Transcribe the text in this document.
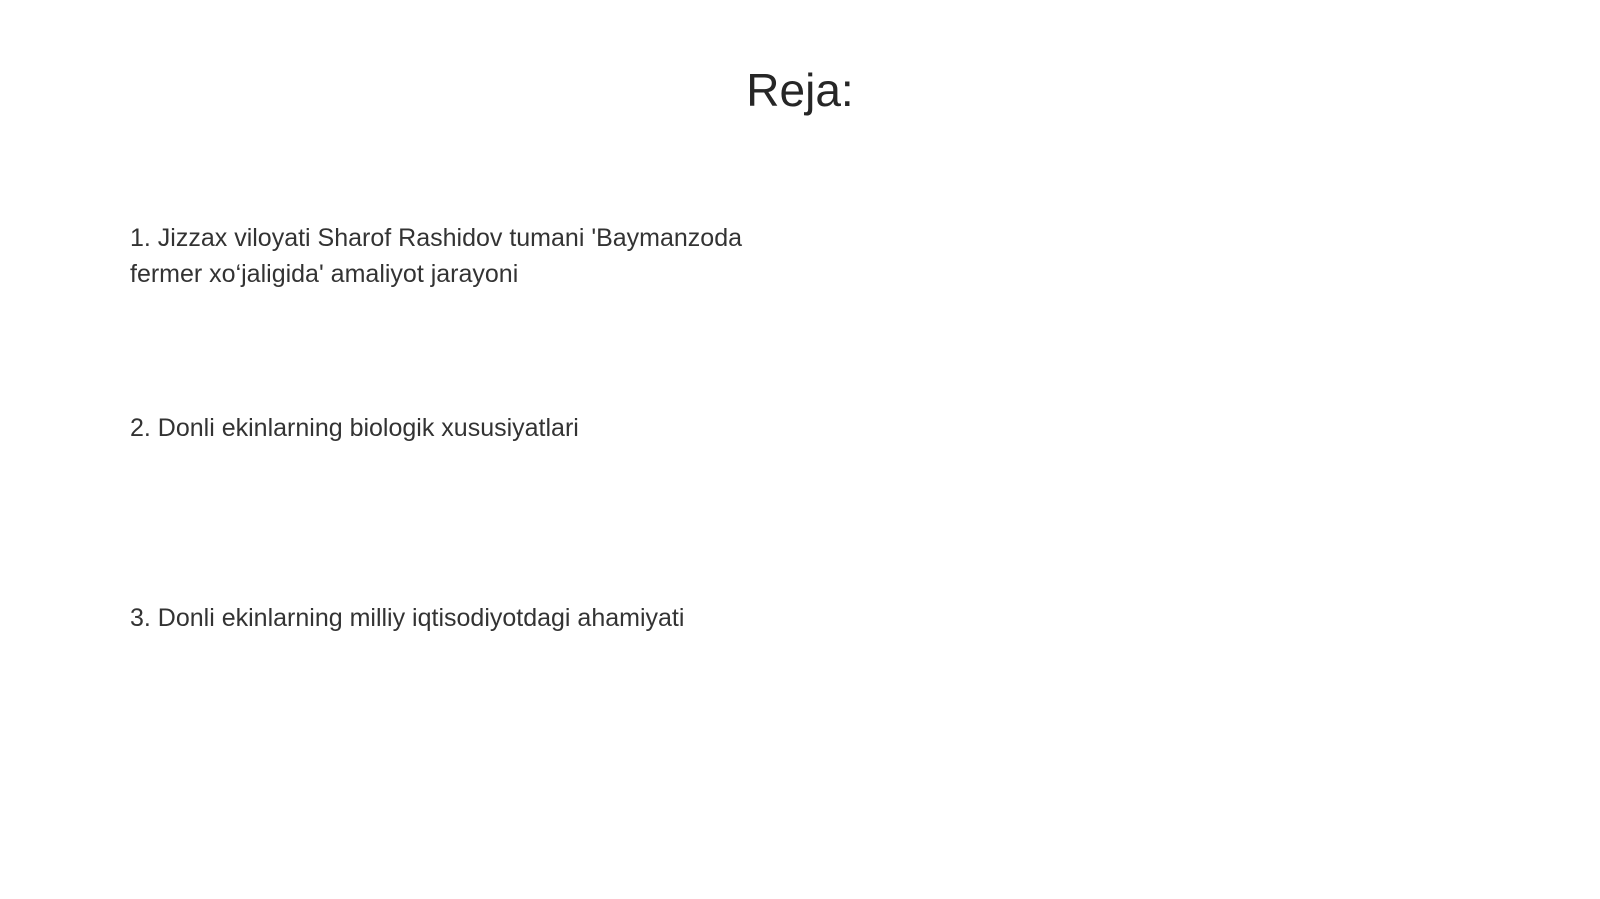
Reja:
1. Jizzax viloyati Sharof Rashidov tumani 'Baymanzoda fermer xo‘jaligida' amaliyot jarayoni
2. Donli ekinlarning biologik xususiyatlari
3. Donli ekinlarning milliy iqtisodiyotdagi ahamiyati
